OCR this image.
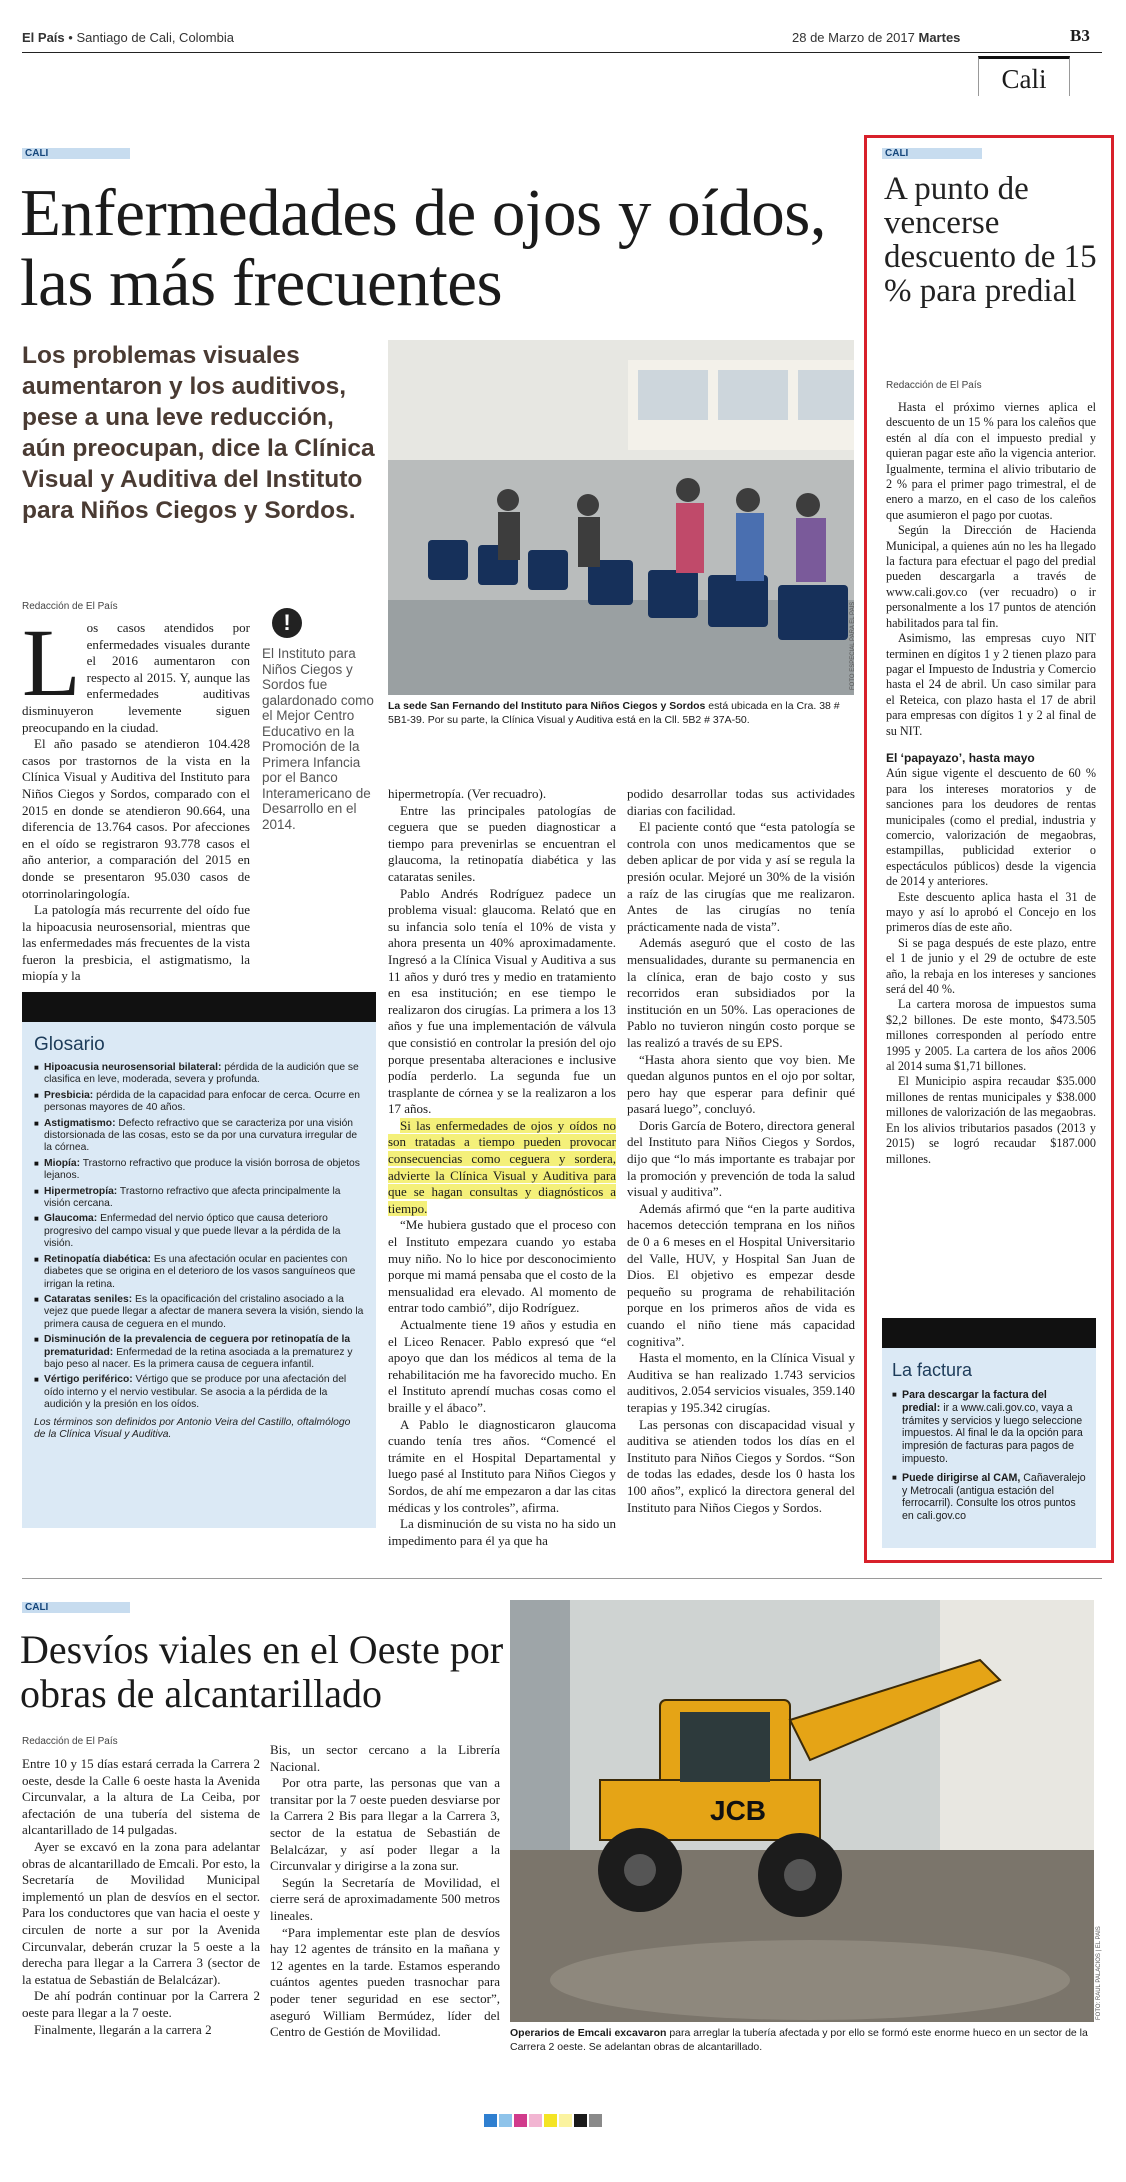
El País • Santiago de Cali, Colombia	28 de Marzo de 2017 Martes	B3
Cali
CALI
Enfermedades de ojos y oídos, las más frecuentes
Los problemas visuales aumentaron y los auditivos, pese a una leve reducción, aún preocupan, dice la Clínica Visual y Auditiva del Instituto para Niños Ciegos y Sordos.
FOTO ESPECIAL PARA EL PAÍS
La sede San Fernando del Instituto para Niños Ciegos y Sordos está ubicada en la Cra. 38 # 5B1-39. Por su parte, la Clínica Visual y Auditiva está en la Cll. 5B2 # 37A-50.
Redacción de El País
L os casos atendidos por enfermedades visuales durante el 2016 aumentaron con respecto al 2015. Y, aunque las enfermedades auditivas disminuyeron levemente siguen preocupando en la ciudad.

El año pasado se atendieron 104.428 casos por trastornos de la vista en la Clínica Visual y Auditiva del Instituto para Niños Ciegos y Sordos, comparado con el 2015 en donde se atendieron 90.664, una diferencia de 13.764 casos. Por afecciones en el oído se registraron 93.778 casos el año anterior, a comparación del 2015 en donde se presentaron 95.030 casos de otorrinolaringología.

La patología más recurrente del oído fue la hipoacusia neurosensorial, mientras que las enfermedades más frecuentes de la vista fueron la presbicia, el astigmatismo, la miopía y la

!
El Instituto para Niños Ciegos y Sordos fue galardonado como el Mejor Centro Educativo en la Promoción de la Primera Infancia por el Banco Interamericano de Desarrollo en el 2014.
Glosario
■ Hipoacusia neurosensorial bilateral: pérdida de la audición que se clasifica en leve, moderada, severa y profunda.
■ Presbicia: pérdida de la capacidad para enfocar de cerca. Ocurre en personas mayores de 40 años.
■ Astigmatismo: Defecto refractivo que se caracteriza por una visión distorsionada de las cosas, esto se da por una curvatura irregular de la córnea.
■ Miopía: Trastorno refractivo que produce la visión borrosa de objetos lejanos.
■ Hipermetropía: Trastorno refractivo que afecta principalmente la visión cercana.
■ Glaucoma: Enfermedad del nervio óptico que causa deterioro progresivo del campo visual y que puede llevar a la pérdida de la visión.
■ Retinopatía diabética: Es una afectación ocular en pacientes con diabetes que se origina en el deterioro de los vasos sanguíneos que irrigan la retina.
■ Cataratas seniles: Es la opacificación del cristalino asociado a la vejez que puede llegar a afectar de manera severa la visión, siendo la primera causa de ceguera en el mundo.
■ Disminución de la prevalencia de ceguera por retinopatía de la prematuridad: Enfermedad de la retina asociada a la prematurez y bajo peso al nacer. Es la primera causa de ceguera infantil.
■ Vértigo periférico: Vértigo que se produce por una afectación del oído interno y el nervio vestibular. Se asocia a la pérdida de la audición y la presión en los oídos.
Los términos son definidos por Antonio Veira del Castillo, oftalmólogo de la Clínica Visual y Auditiva.

hipermetropía. (Ver recuadro).

Entre las principales patologías de ceguera que se pueden diagnosticar a tiempo para prevenirlas se encuentran el glaucoma, la retinopatía diabética y las cataratas seniles.

Pablo Andrés Rodríguez padece un problema visual: glaucoma. Relató que en su infancia solo tenía el 10% de vista y ahora presenta un 40% aproximadamente. Ingresó a la Clínica Visual y Auditiva a sus 11 años y duró tres y medio en tratamiento en esa institución; en ese tiempo le realizaron dos cirugías. La primera a los 13 años y fue una implementación de válvula que consistió en controlar la presión del ojo porque presentaba alteraciones e inclusive podía perderlo. La segunda fue un trasplante de córnea y se la realizaron a los 17 años.

Si las enfermedades de ojos y oídos no son tratadas a tiempo pueden provocar consecuencias como ceguera y sordera, advierte la Clínica Visual y Auditiva para que se hagan consultas y diagnósticos a tiempo.

“Me hubiera gustado que el proceso con el Instituto empezara cuando yo estaba muy niño. No lo hice por desconocimiento porque mi mamá pensaba que el costo de la mensualidad era elevado. Al momento de entrar todo cambió”, dijo Rodríguez.

Actualmente tiene 19 años y estudia en el Liceo Renacer. Pablo expresó que “el apoyo que dan los médicos al tema de la rehabilitación me ha favorecido mucho. En el Instituto aprendí muchas cosas como el braille y el ábaco”.

A Pablo le diagnosticaron glaucoma cuando tenía tres años. “Comencé el trámite en el Hospital Departamental y luego pasé al Instituto para Niños Ciegos y Sordos, de ahí me empezaron a dar las citas médicas y los controles”, afirma.

La disminución de su vista no ha sido un impedimento para él ya que ha

podido desarrollar todas sus actividades diarias con facilidad.

El paciente contó que “esta patología se controla con unos medicamentos que se deben aplicar de por vida y así se regula la presión ocular. Mejoré un 30% de la visión a raíz de las cirugías que me realizaron. Antes de las cirugías no tenía prácticamente nada de vista”.

Además aseguró que el costo de las mensualidades, durante su permanencia en la clínica, eran de bajo costo y sus recorridos eran subsidiados por la institución en un 50%. Las operaciones de Pablo no tuvieron ningún costo porque se las realizó a través de su EPS.

“Hasta ahora siento que voy bien. Me quedan algunos puntos en el ojo por soltar, pero hay que esperar para definir qué pasará luego”, concluyó.

Doris García de Botero, directora general del Instituto para Niños Ciegos y Sordos, dijo que “lo más importante es trabajar por la promoción y prevención de toda la salud visual y auditiva”.

Además afirmó que “en la parte auditiva hacemos detección temprana en los niños de 0 a 6 meses en el Hospital Universitario del Valle, HUV, y Hospital San Juan de Dios. El objetivo es empezar desde pequeño su programa de rehabilitación porque en los primeros años de vida es cuando el niño tiene más capacidad cognitiva”.

Hasta el momento, en la Clínica Visual y Auditiva se han realizado 1.743 servicios auditivos, 2.054 servicios visuales, 359.140 terapias y 195.342 cirugías.

Las personas con discapacidad visual y auditiva se atienden todos los días en el Instituto para Niños Ciegos y Sordos. “Son de todas las edades, desde los 0 hasta los 100 años”, explicó la directora general del Instituto para Niños Ciegos y Sordos.

CALI
A punto de vencerse descuento de 15 % para predial
Redacción de El País

Hasta el próximo viernes aplica el descuento de un 15 % para los caleños que estén al día con el impuesto predial y quieran pagar este año la vigencia anterior. Igualmente, termina el alivio tributario de 2 % para el primer pago trimestral, el de enero a marzo, en el caso de los caleños que asumieron el pago por cuotas.

Según la Dirección de Hacienda Municipal, a quienes aún no les ha llegado la factura para efectuar el pago del predial pueden descargarla a través de www.cali.gov.co (ver recuadro) o ir personalmente a los 17 puntos de atención habilitados para tal fin.

Asimismo, las empresas cuyo NIT terminen en dígitos 1 y 2 tienen plazo para pagar el Impuesto de Industria y Comercio hasta el 24 de abril. Un caso similar para el Reteica, con plazo hasta el 17 de abril para empresas con dígitos 1 y 2 al final de su NIT.

El ‘papayazo’, hasta mayo

Aún sigue vigente el descuento de 60 % para los intereses moratorios y de sanciones para los deudores de rentas municipales (como el predial, industria y comercio, valorización de megaobras, estampillas, publicidad exterior o espectáculos públicos) desde la vigencia de 2014 y anteriores.

Este descuento aplica hasta el 31 de mayo y así lo aprobó el Concejo en los primeros días de este año.

Si se paga después de este plazo, entre el 1 de junio y el 29 de octubre de este año, la rebaja en los intereses y sanciones será del 40 %.

La cartera morosa de impuestos suma $2,2 billones. De este monto, $473.505 millones corresponden al período entre 1995 y 2005. La cartera de los años 2006 al 2014 suma $1,71 billones.

El Municipio aspira recaudar $35.000 millones de rentas municipales y $38.000 millones de valorización de las megaobras. En los alivios tributarios pasados (2013 y 2015) se logró recaudar $187.000 millones.

La factura
■ Para descargar la factura del predial: ir a www.cali.gov.co, vaya a trámites y servicios y luego seleccione impuestos. Al final le da la opción para impresión de facturas para pagos de impuesto.
■ Puede dirigirse al CAM, Cañaveralejo y Metrocali (antigua estación del ferrocarril). Consulte los otros puntos en cali.gov.co
CALI
Desvíos viales en el Oeste por obras de alcantarillado
Redacción de El País

Entre 10 y 15 días estará cerrada la Carrera 2 oeste, desde la Calle 6 oeste hasta la Avenida Circunvalar, a la altura de La Ceiba, por afectación de una tubería del sistema de alcantarillado de 14 pulgadas.

Ayer se excavó en la zona para adelantar obras de alcantarillado de Emcali. Por esto, la Secretaría de Movilidad Municipal implementó un plan de desvíos en el sector. Para los conductores que van hacia el oeste y circulen de norte a sur por la Avenida Circunvalar, deberán cruzar la 5 oeste a la derecha para llegar a la Carrera 3 (sector de la estatua de Sebastián de Belalcázar).

De ahí podrán continuar por la Carrera 2 oeste para llegar a la 7 oeste.

Finalmente, llegarán a la carrera 2

Bis, un sector cercano a la Librería Nacional.

Por otra parte, las personas que van a transitar por la 7 oeste pueden desviarse por la Carrera 2 Bis para llegar a la Carrera 3, sector de la estatua de Sebastián de Belalcázar, y así poder llegar a la Circunvalar y dirigirse a la zona sur.

Según la Secretaría de Movilidad, el cierre será de aproximadamente 500 metros lineales.

“Para implementar este plan de desvíos hay 12 agentes de tránsito en la mañana y 12 agentes en la tarde. Estamos esperando cuántos agentes pueden trasnochar para poder tener seguridad en ese sector”, aseguró William Bermúdez, líder del Centro de Gestión de Movilidad.

JCB
FOTO: RAÚL PALACIOS | EL PAÍS
Operarios de Emcali excavaron para arreglar la tubería afectada y por ello se formó este enorme hueco en un sector de la Carrera 2 oeste. Se adelantan obras de alcantarillado.
